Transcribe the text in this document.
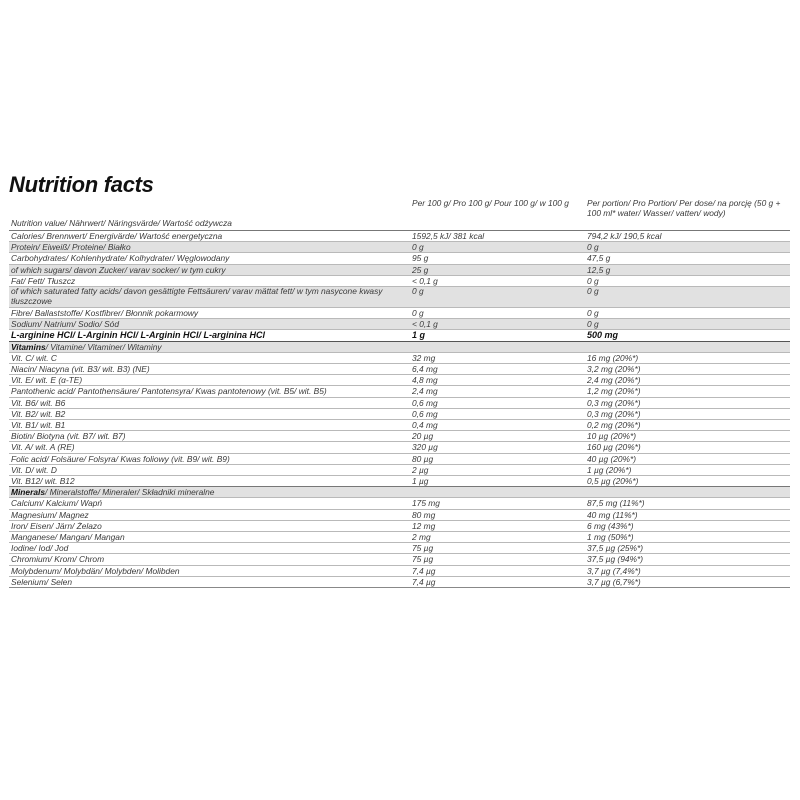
Nutrition facts
Nutrition value/ Nährwert/ Näringsvärde/ Wartość odżywcza	Per 100 g/ Pro 100 g/ Pour 100 g/ w 100 g	Per portion/ Pro Portion/ Per dose/ na porcję (50 g + 100 ml* water/ Wasser/ vatten/ wody)
Calories/ Brennwert/ Energivärde/ Wartość energetyczna	1592,5 kJ/ 381 kcal	794,2 kJ/ 190,5 kcal
Protein/ Eiweiß/ Proteine/ Białko	0 g	0 g
Carbohydrates/ Kohlenhydrate/ Kolhydrater/ Węglowodany	95 g	47,5 g
of which sugars/ davon Zucker/ varav socker/ w tym cukry	25 g	12,5 g
Fat/ Fett/ Tłuszcz	< 0,1 g	0 g
of which saturated fatty acids/ davon gesättigte Fettsäuren/ varav mättat fett/ w tym nasycone kwasy tłuszczowe	0 g	0 g
Fibre/ Ballaststoffe/ Kostfibrer/ Błonnik pokarmowy	0 g	0 g
Sodium/ Natrium/ Sodio/ Sód	< 0,1 g	0 g
L-arginine HCl/ L-Arginin HCl/ L-Arginin HCl/ L-arginina HCl	1 g	500 mg
Vitamins/ Vitamine/ Vitaminer/ Witaminy		
Vit. C/ wit. C	32 mg	16 mg (20%*)
Niacin/ Niacyna (vit. B3/ wit. B3) (NE)	6,4 mg	3,2 mg (20%*)
Vit. E/ wit. E (α-TE)	4,8 mg	2,4 mg (20%*)
Pantothenic acid/ Pantothensäure/ Pantotensyra/ Kwas pantotenowy (vit. B5/ wit. B5)	2,4 mg	1,2 mg (20%*)
Vit. B6/ wit. B6	0,6 mg	0,3 mg (20%*)
Vit. B2/ wit. B2	0,6 mg	0,3 mg (20%*)
Vit. B1/ wit. B1	0,4 mg	0,2 mg (20%*)
Biotin/ Biotyna (vit. B7/ wit. B7)	20 µg	10 µg (20%*)
Vit. A/ wit. A (RE)	320 µg	160 µg (20%*)
Folic acid/ Folsäure/ Folsyra/ Kwas foliowy (vit. B9/ wit. B9)	80 µg	40 µg (20%*)
Vit. D/ wit. D	2 µg	1 µg (20%*)
Vit. B12/ wit. B12	1 µg	0,5 µg (20%*)
Minerals/ Mineralstoffe/ Mineraler/ Składniki mineralne		
Calcium/ Kalcium/ Wapń	175 mg	87,5 mg (11%*)
Magnesium/ Magnez	80 mg	40 mg (11%*)
Iron/ Eisen/ Järn/ Żelazo	12 mg	6 mg (43%*)
Manganese/ Mangan/ Mangan	2 mg	1 mg (50%*)
Iodine/ Iod/ Jod	75 µg	37,5 µg (25%*)
Chromium/ Krom/ Chrom	75 µg	37,5 µg (94%*)
Molybdenum/ Molybdän/ Molybden/ Molibden	7,4 µg	3,7 µg (7,4%*)
Selenium/ Selen	7,4 µg	3,7 µg (6,7%*)
